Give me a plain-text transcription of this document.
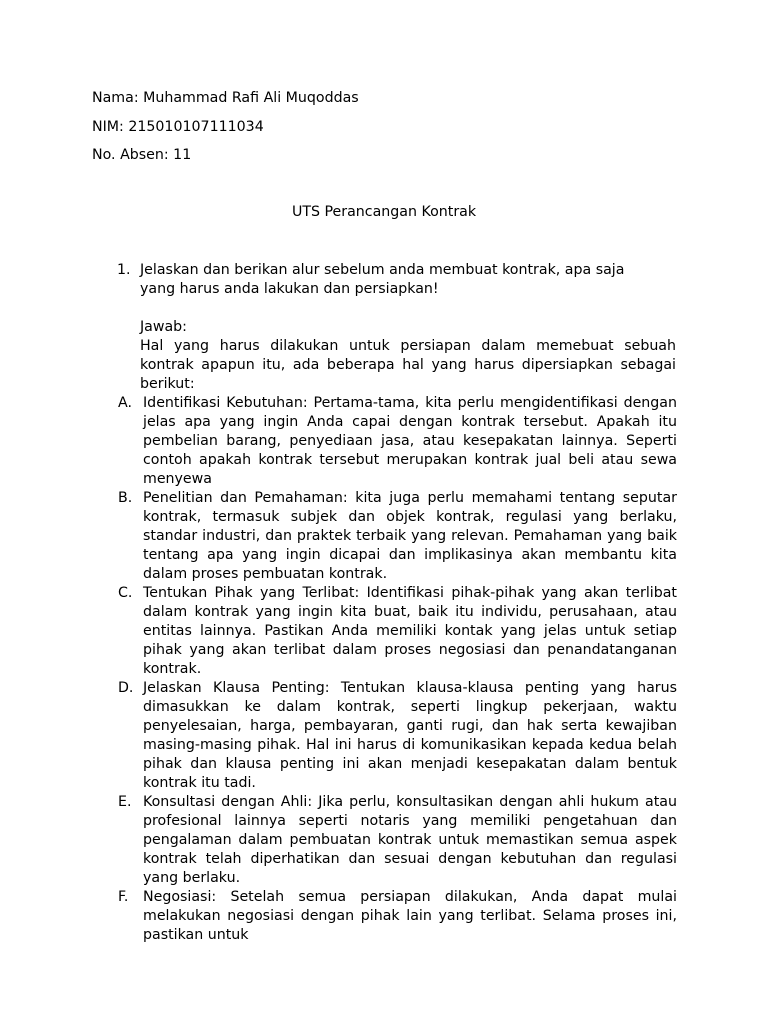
Nama: Muhammad Rafi Ali Muqoddas
NIM: 215010107111034
No. Absen: 11
UTS Perancangan Kontrak
1. Jelaskan dan berikan alur sebelum anda membuat kontrak, apa saja yang harus anda lakukan dan persiapkan!
Jawab:
Hal yang harus dilakukan untuk persiapan dalam memebuat sebuah kontrak apapun itu, ada beberapa hal yang harus dipersiapkan sebagai berikut:
A. Identifikasi Kebutuhan: Pertama-tama, kita perlu mengidentifikasi dengan jelas apa yang ingin Anda capai dengan kontrak tersebut. Apakah itu pembelian barang, penyediaan jasa, atau kesepakatan lainnya. Seperti contoh apakah kontrak tersebut merupakan kontrak jual beli atau sewa menyewa
B. Penelitian dan Pemahaman: kita juga perlu memahami tentang seputar kontrak, termasuk subjek dan objek kontrak, regulasi yang berlaku, standar industri, dan praktek terbaik yang relevan. Pemahaman yang baik tentang apa yang ingin dicapai dan implikasinya akan membantu kita dalam proses pembuatan kontrak.
C. Tentukan Pihak yang Terlibat: Identifikasi pihak-pihak yang akan terlibat dalam kontrak yang ingin kita buat, baik itu individu, perusahaan, atau entitas lainnya. Pastikan Anda memiliki kontak yang jelas untuk setiap pihak yang akan terlibat dalam proses negosiasi dan penandatanganan kontrak.
D. Jelaskan Klausa Penting: Tentukan klausa-klausa penting yang harus dimasukkan ke dalam kontrak, seperti lingkup pekerjaan, waktu penyelesaian, harga, pembayaran, ganti rugi, dan hak serta kewajiban masing-masing pihak. Hal ini harus di komunikasikan kepada kedua belah pihak dan klausa penting ini akan menjadi kesepakatan dalam bentuk kontrak itu tadi.
E. Konsultasi dengan Ahli: Jika perlu, konsultasikan dengan ahli hukum atau profesional lainnya seperti notaris yang memiliki pengetahuan dan pengalaman dalam pembuatan kontrak untuk memastikan semua aspek kontrak telah diperhatikan dan sesuai dengan kebutuhan dan regulasi yang berlaku.
F. Negosiasi: Setelah semua persiapan dilakukan, Anda dapat mulai melakukan negosiasi dengan pihak lain yang terlibat. Selama proses ini, pastikan untuk
